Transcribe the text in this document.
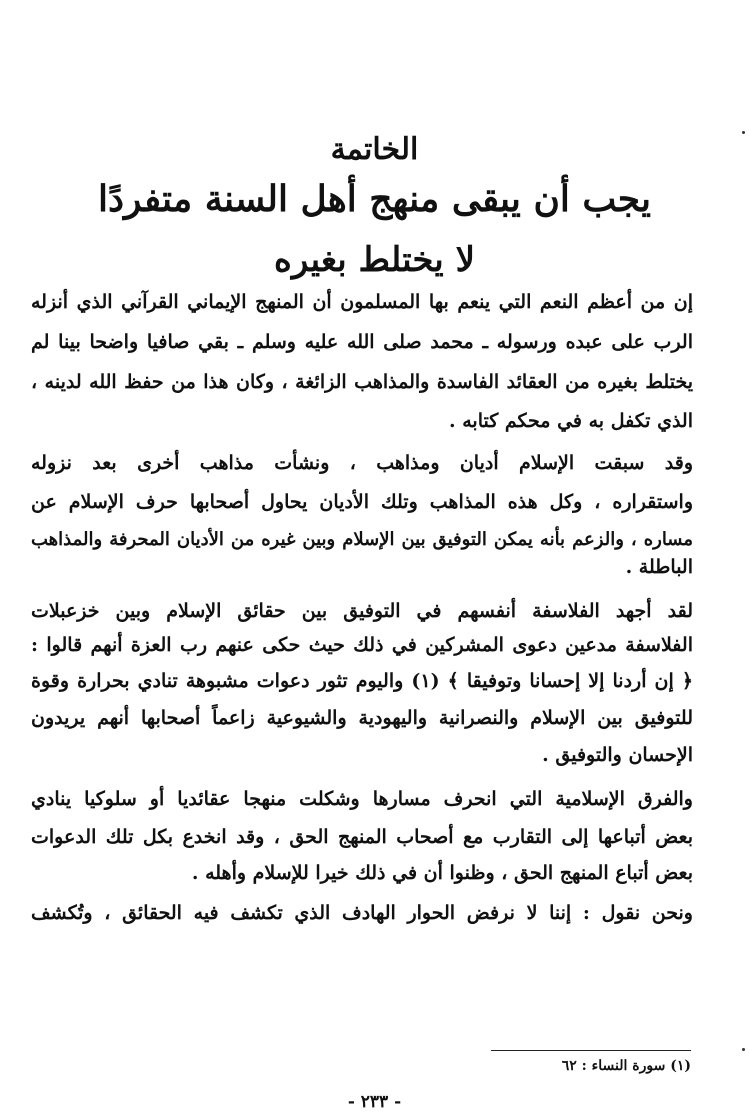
الخاتمة
يجب أن يبقى منهج أهل السنة متفردًا
لا يختلط بغيره
إن من أعظم النعم التي ينعم بها المسلمون أن المنهج الإيماني القرآني الذي أنزله
الرب على عبده ورسوله ـ محمد صلى الله عليه وسلم ـ بقي صافيا واضحا بينا لم
يختلط بغيره من العقائد الفاسدة والمذاهب الزائغة ، وكان هذا من حفظ الله لدينه ،
الذي تكفل به في محكم كتابه .
وقد سبقت الإسلام أديان ومذاهب ، ونشأت مذاهب أخرى بعد نزوله
واستقراره ، وكل هذه المذاهب وتلك الأديان يحاول أصحابها حرف الإسلام عن
مساره ، والزعم بأنه يمكن التوفيق بين الإسلام وبين غيره من الأديان المحرفة والمذاهب
الباطلة .
لقد أجهد الفلاسفة أنفسهم في التوفيق بين حقائق الإسلام وبين خزعبلات
الفلاسفة مدعين دعوى المشركين في ذلك حيث حكى عنهم رب العزة أنهم قالوا :
﴿ إن أردنا إلا إحسانا وتوفيقا ﴾ (١) واليوم تثور دعوات مشبوهة تنادي بحرارة وقوة
للتوفيق بين الإسلام والنصرانية واليهودية والشيوعية زاعماً أصحابها أنهم يريدون
الإحسان والتوفيق .
والفرق الإسلامية التي انحرف مسارها وشكلت منهجا عقائديا أو سلوكيا ينادي
بعض أتباعها إلى التقارب مع أصحاب المنهج الحق ، وقد انخدع بكل تلك الدعوات
بعض أتباع المنهج الحق ، وظنوا أن في ذلك خيرا للإسلام وأهله .
ونحن نقول : إننا لا نرفض الحوار الهادف الذي تكشف فيه الحقائق ، وتُكشف
(١) سورة النساء : ٦٢
- ٢٣٣ -
